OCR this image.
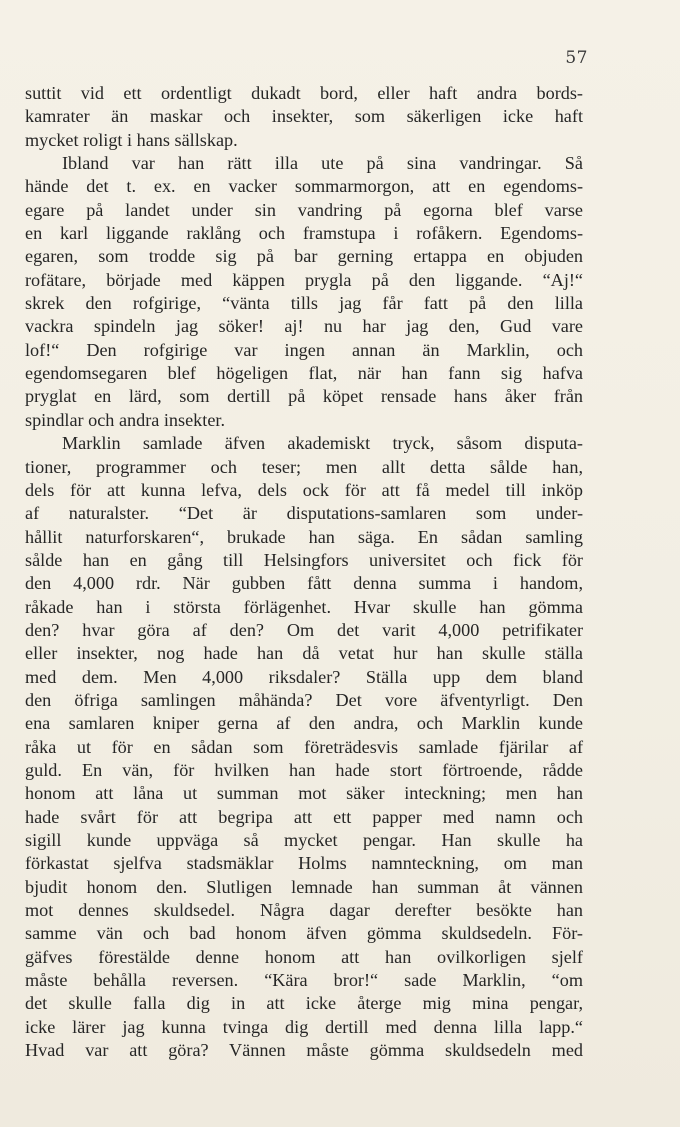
57
suttit vid ett ordentligt dukadt bord, eller haft andra bords-
kamrater än maskar och insekter, som säkerligen icke haft
mycket roligt i hans sällskap.
Ibland var han rätt illa ute på sina vandringar. Så
hände det t. ex. en vacker sommarmorgon, att en egendoms-
egare på landet under sin vandring på egorna blef varse
en karl liggande raklång och framstupa i rofåkern. Egendoms-
egaren, som trodde sig på bar gerning ertappa en objuden
rofätare, började med käppen prygla på den liggande. “Aj!“
skrek den rofgirige, “vänta tills jag får fatt på den lilla
vackra spindeln jag söker! aj! nu har jag den, Gud vare
lof!“ Den rofgirige var ingen annan än Marklin, och
egendomsegaren blef högeligen flat, när han fann sig hafva
pryglat en lärd, som dertill på köpet rensade hans åker från
spindlar och andra insekter.
Marklin samlade äfven akademiskt tryck, såsom disputa-
tioner, programmer och teser; men allt detta sålde han,
dels för att kunna lefva, dels ock för att få medel till inköp
af naturalster. “Det är disputations-samlaren som under-
hållit naturforskaren“, brukade han säga. En sådan samling
sålde han en gång till Helsingfors universitet och fick för
den 4,000 rdr. När gubben fått denna summa i handom,
råkade han i största förlägenhet. Hvar skulle han gömma
den? hvar göra af den? Om det varit 4,000 petrifikater
eller insekter, nog hade han då vetat hur han skulle ställa
med dem. Men 4,000 riksdaler? Ställa upp dem bland
den öfriga samlingen måhända? Det vore äfventyrligt. Den
ena samlaren kniper gerna af den andra, och Marklin kunde
råka ut för en sådan som företrädesvis samlade fjärilar af
guld. En vän, för hvilken han hade stort förtroende, rådde
honom att låna ut summan mot säker inteckning; men han
hade svårt för att begripa att ett papper med namn och
sigill kunde uppväga så mycket pengar. Han skulle ha
förkastat sjelfva stadsmäklar Holms namnteckning, om man
bjudit honom den. Slutligen lemnade han summan åt vännen
mot dennes skuldsedel. Några dagar derefter besökte han
samme vän och bad honom äfven gömma skuldsedeln. För-
gäfves förestälde denne honom att han ovilkorligen sjelf
måste behålla reversen. “Kära bror!“ sade Marklin, “om
det skulle falla dig in att icke återge mig mina pengar,
icke lärer jag kunna tvinga dig dertill med denna lilla lapp.“
Hvad var att göra? Vännen måste gömma skuldsedeln med
